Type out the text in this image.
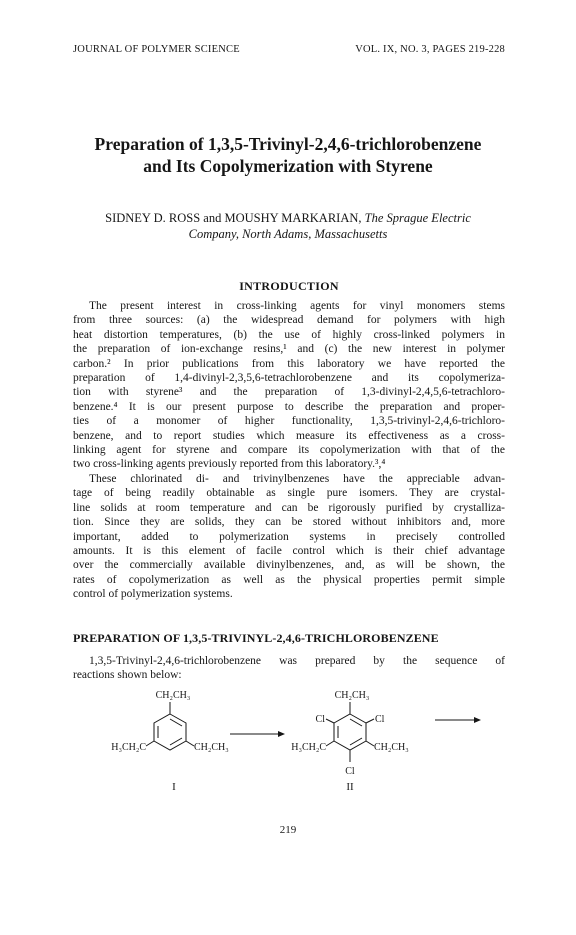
JOURNAL OF POLYMER SCIENCE	VOL. IX, NO. 3, PAGES 219-228
Preparation of 1,3,5-Trivinyl-2,4,6-trichlorobenzene
and Its Copolymerization with Styrene
SIDNEY D. ROSS and MOUSHY MARKARIAN, The Sprague Electric
Company, North Adams, Massachusetts
INTRODUCTION
The present interest in cross-linking agents for vinyl monomers stems
from three sources: (a) the widespread demand for polymers with high
heat distortion temperatures, (b) the use of highly cross-linked polymers in
the preparation of ion-exchange resins,¹ and (c) the new interest in polymer
carbon.² In prior publications from this laboratory we have reported the
preparation of 1,4-divinyl-2,3,5,6-tetrachlorobenzene and its copolymeriza-
tion with styrene³ and the preparation of 1,3-divinyl-2,4,5,6-tetrachloro-
benzene.⁴ It is our present purpose to describe the preparation and proper-
ties of a monomer of higher functionality, 1,3,5-trivinyl-2,4,6-trichloro-
benzene, and to report studies which measure its effectiveness as a cross-
linking agent for styrene and compare its copolymerization with that of the
two cross-linking agents previously reported from this laboratory.³,⁴
These chlorinated di- and trivinylbenzenes have the appreciable advan-
tage of being readily obtainable as single pure isomers. They are crystal-
line solids at room temperature and can be rigorously purified by crystalliza-
tion. Since they are solids, they can be stored without inhibitors and, more
important, added to polymerization systems in precisely controlled
amounts. It is this element of facile control which is their chief advantage
over the commercially available divinylbenzenes, and, as will be shown, the
rates of copolymerization as well as the physical properties permit simple
control of polymerization systems.
PREPARATION OF 1,3,5-TRIVINYL-2,4,6-TRICHLOROBENZENE
1,3,5-Trivinyl-2,4,6-trichlorobenzene was prepared by the sequence of
reactions shown below:
CH₂CH₃
H₃CH₂C	CH₂CH₃
I
CH₂CH₃
Cl	Cl
H₃CH₂C	CH₂CH₃
Cl
II
219
